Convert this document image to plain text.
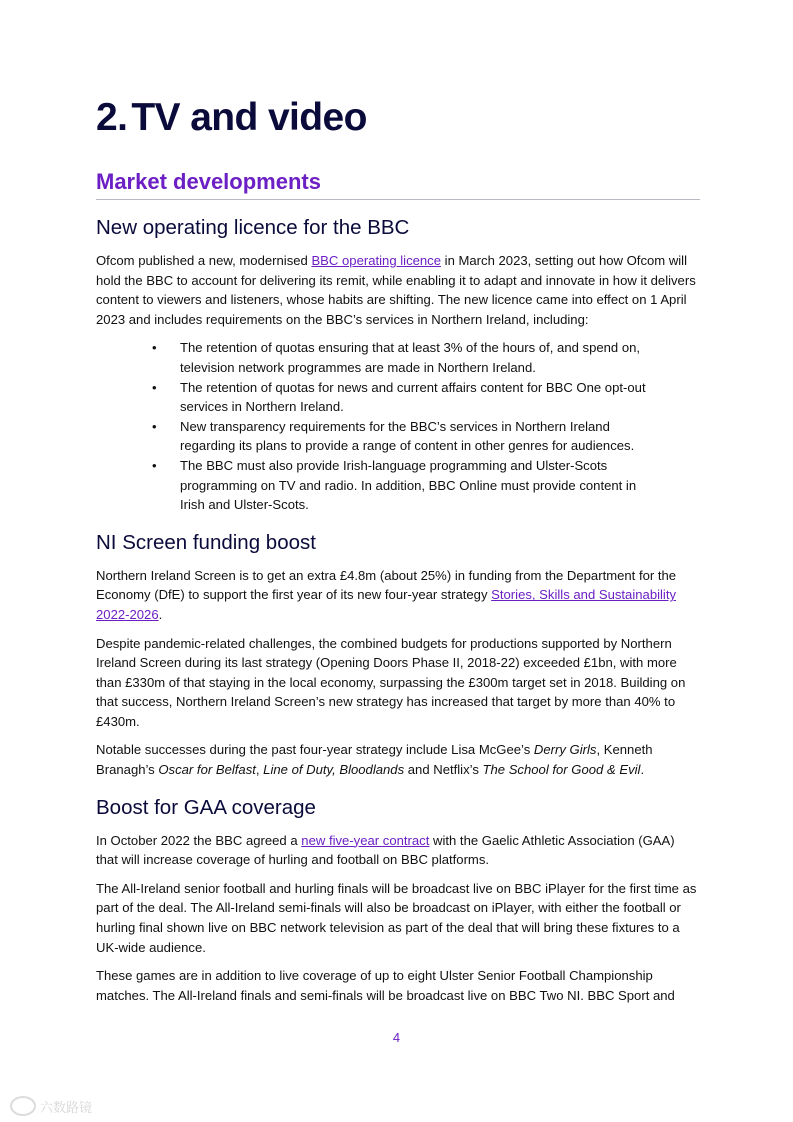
2. TV and video
Market developments
New operating licence for the BBC

Ofcom published a new, modernised BBC operating licence in March 2023, setting out how Ofcom will hold the BBC to account for delivering its remit, while enabling it to adapt and innovate in how it delivers content to viewers and listeners, whose habits are shifting. The new licence came into effect on 1 April 2023 and includes requirements on the BBC’s services in Northern Ireland, including:

• The retention of quotas ensuring that at least 3% of the hours of, and spend on, television network programmes are made in Northern Ireland.
• The retention of quotas for news and current affairs content for BBC One opt-out services in Northern Ireland.
• New transparency requirements for the BBC’s services in Northern Ireland regarding its plans to provide a range of content in other genres for audiences.
• The BBC must also provide Irish-language programming and Ulster-Scots programming on TV and radio. In addition, BBC Online must provide content in Irish and Ulster-Scots.
NI Screen funding boost

Northern Ireland Screen is to get an extra £4.8m (about 25%) in funding from the Department for the Economy (DfE) to support the first year of its new four-year strategy Stories, Skills and Sustainability 2022-2026.

Despite pandemic-related challenges, the combined budgets for productions supported by Northern Ireland Screen during its last strategy (Opening Doors Phase II, 2018-22) exceeded £1bn, with more than £330m of that staying in the local economy, surpassing the £300m target set in 2018. Building on that success, Northern Ireland Screen’s new strategy has increased that target by more than 40% to £430m.

Notable successes during the past four-year strategy include Lisa McGee’s Derry Girls, Kenneth Branagh’s Oscar for Belfast, Line of Duty, Bloodlands and Netflix’s The School for Good & Evil.

Boost for GAA coverage

In October 2022 the BBC agreed a new five-year contract with the Gaelic Athletic Association (GAA) that will increase coverage of hurling and football on BBC platforms.

The All-Ireland senior football and hurling finals will be broadcast live on BBC iPlayer for the first time as part of the deal. The All-Ireland semi-finals will also be broadcast on iPlayer, with either the football or hurling final shown live on BBC network television as part of the deal that will bring these fixtures to a UK-wide audience.

These games are in addition to live coverage of up to eight Ulster Senior Football Championship matches. The All-Ireland finals and semi-finals will be broadcast live on BBC Two NI. BBC Sport and

4
六数路镜
